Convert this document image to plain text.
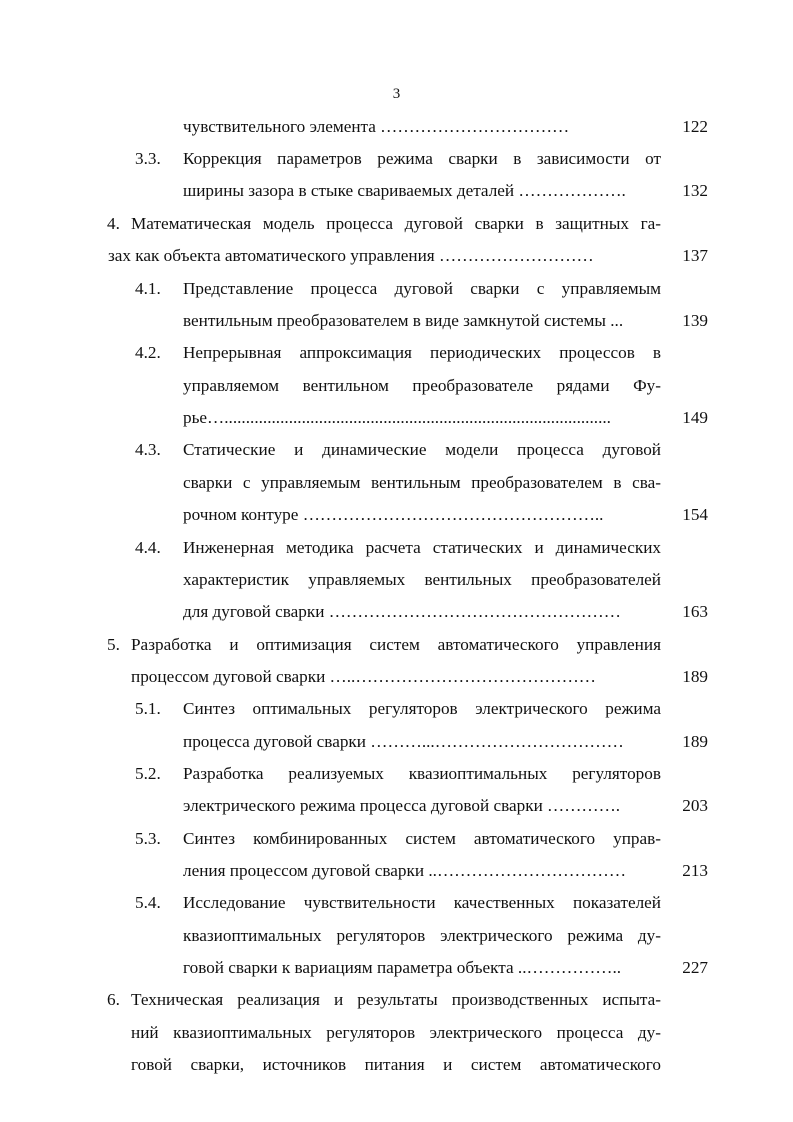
3
чувствительного элемента ……………………………	122
3.3. Коррекция параметров режима сварки в зависимости от
ширины зазора в стыке свариваемых деталей ……………….	132
4. Математическая модель процесса дуговой сварки в защитных га-
зах как объекта автоматического управления ………………………	137
4.1. Представление процесса дуговой сварки с управляемым
вентильным преобразователем в виде замкнутой системы ...	139
4.2. Непрерывная аппроксимация периодических процессов в
управляемом вентильном преобразователе рядами Фу-
рье…..........................................................................................	149
4.3. Статические и динамические модели процесса дуговой
сварки с управляемым вентильным преобразователем в сва-
рочном контуре ……………………………………………..	154
4.4. Инженерная методика расчета статических и динамических
характеристик управляемых вентильных преобразователей
для дуговой сварки ……………………………………………	163
5. Разработка и оптимизация систем автоматического управления
процессом дуговой сварки …..……………………………………	189
5.1. Синтез оптимальных регуляторов электрического режима
процесса дуговой сварки ………...……………………………	189
5.2. Разработка реализуемых квазиоптимальных регуляторов
электрического режима процесса дуговой сварки ………….	203
5.3. Синтез комбинированных систем автоматического управ-
ления процессом дуговой сварки ..……………………………	213
5.4. Исследование чувствительности качественных показателей
квазиоптимальных регуляторов электрического режима ду-
говой сварки к вариациям параметра объекта ..……………..	227
6. Техническая реализация и результаты производственных испыта-
ний квазиоптимальных регуляторов электрического процесса ду-
говой сварки, источников питания и систем автоматического
